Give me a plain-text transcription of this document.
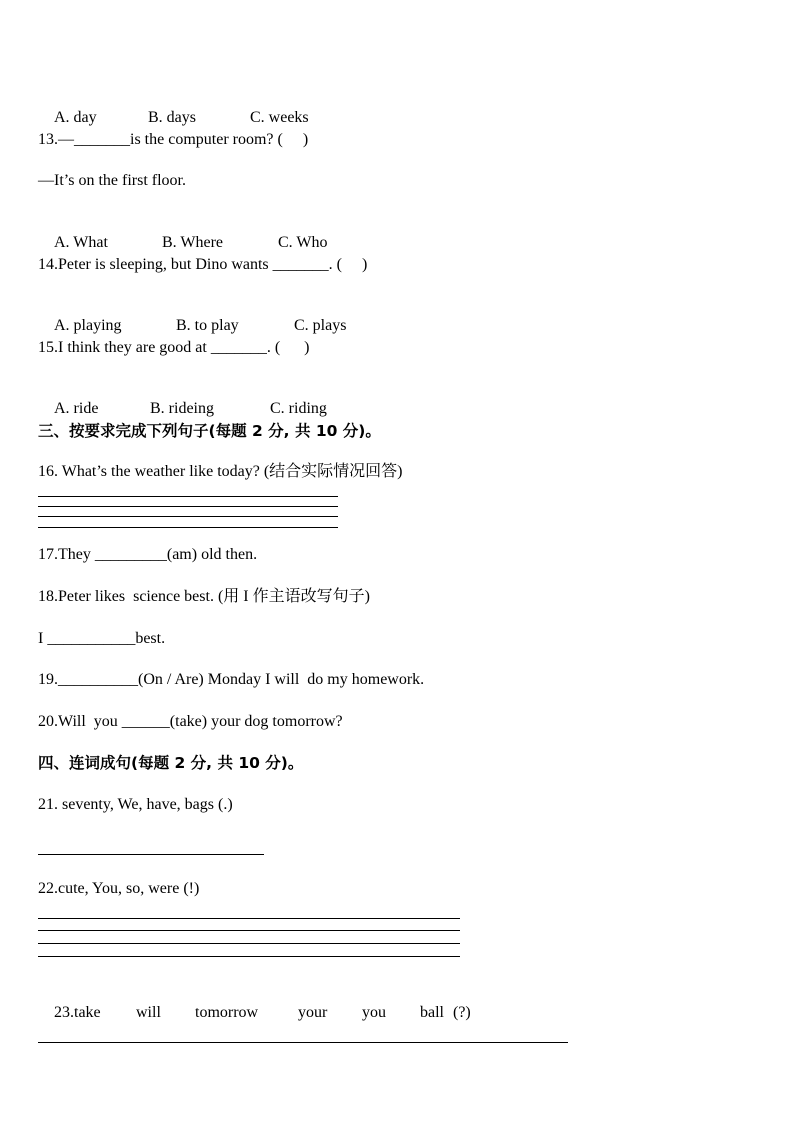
A. day	B. days	C. weeks

13.—_______is the computer room? (     )
—It’s on the first floor.

A. What	B. Where	C. Who

14.Peter is sleeping, but Dino wants _______. (     )

A. playing	B. to play	C. plays

15.I think they are good at _______. (      )

A. ride	B. rideing	C. riding

三、按要求完成下列句子(每题 2 分, 共 10 分)。
16. What’s the weather like today? (结合实际情况回答)
17.They _________(am) old then.
18.Peter likes  science best. (用 I 作主语改写句子)
I ___________best.
19.__________(On / Are) Monday I will  do my homework.
20.Will  you ______(take) your dog tomorrow?
四、连词成句(每题 2 分, 共 10 分)。
21. seventy, We, have, bags (.)
22.cute, You, so, were (!)

23.take will tomorrow your you ball (?)
